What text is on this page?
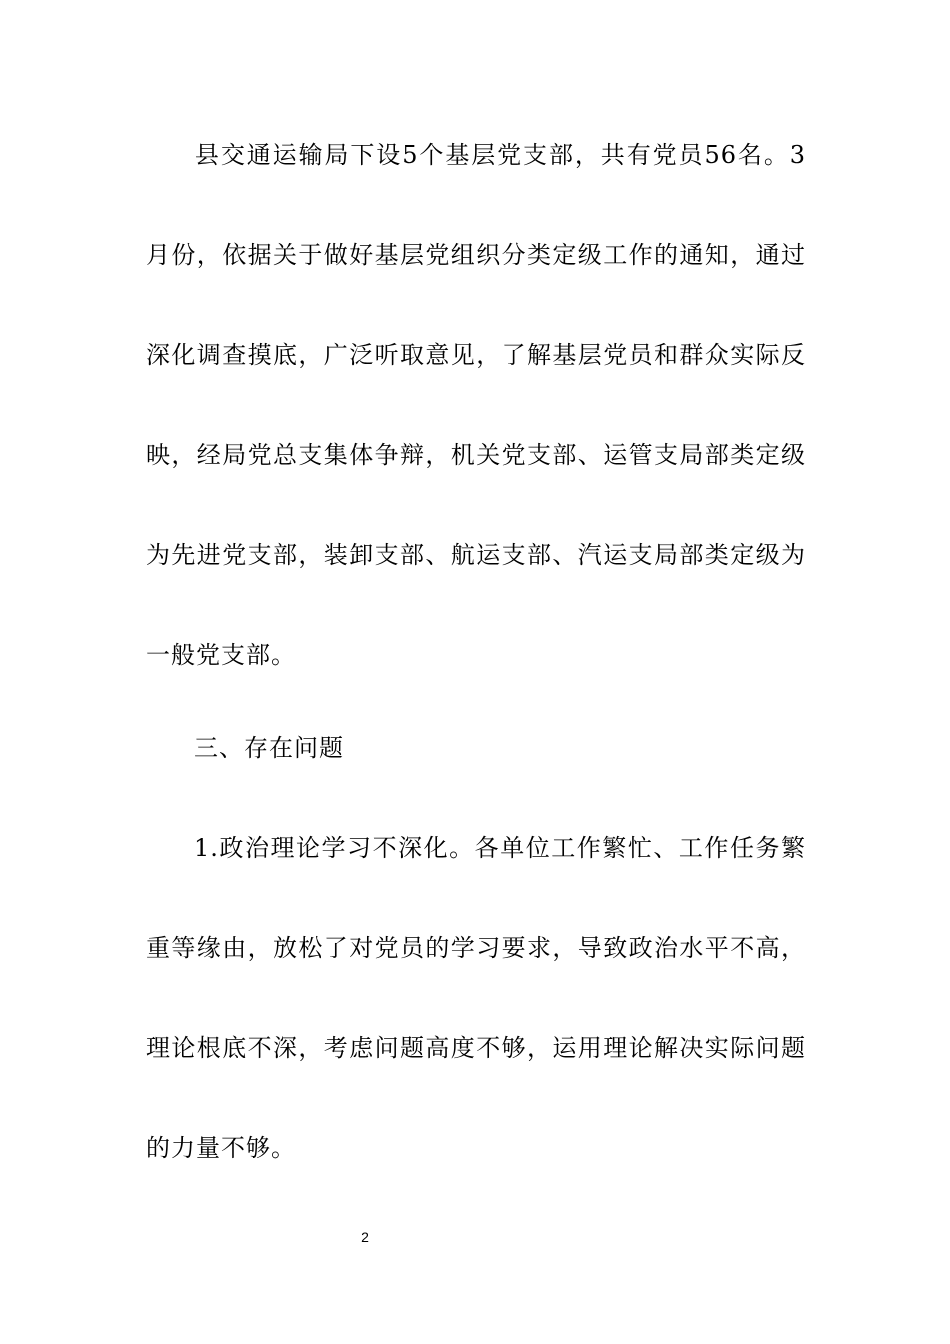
县交通运输局下设5个基层党支部，共有党员56名。3月份，依据关于做好基层党组织分类定级工作的通知，通过深化调查摸底，广泛听取意见，了解基层党员和群众实际反映，经局党总支集体争辩，机关党支部、运管支局部类定级为先进党支部，装卸支部、航运支部、汽运支局部类定级为一般党支部。

三、存在问题

1.政治理论学习不深化。各单位工作繁忙、工作任务繁重等缘由，放松了对党员的学习要求，导致政治水平不高，理论根底不深，考虑问题高度不够，运用理论解决实际问题的力量不够。

2
